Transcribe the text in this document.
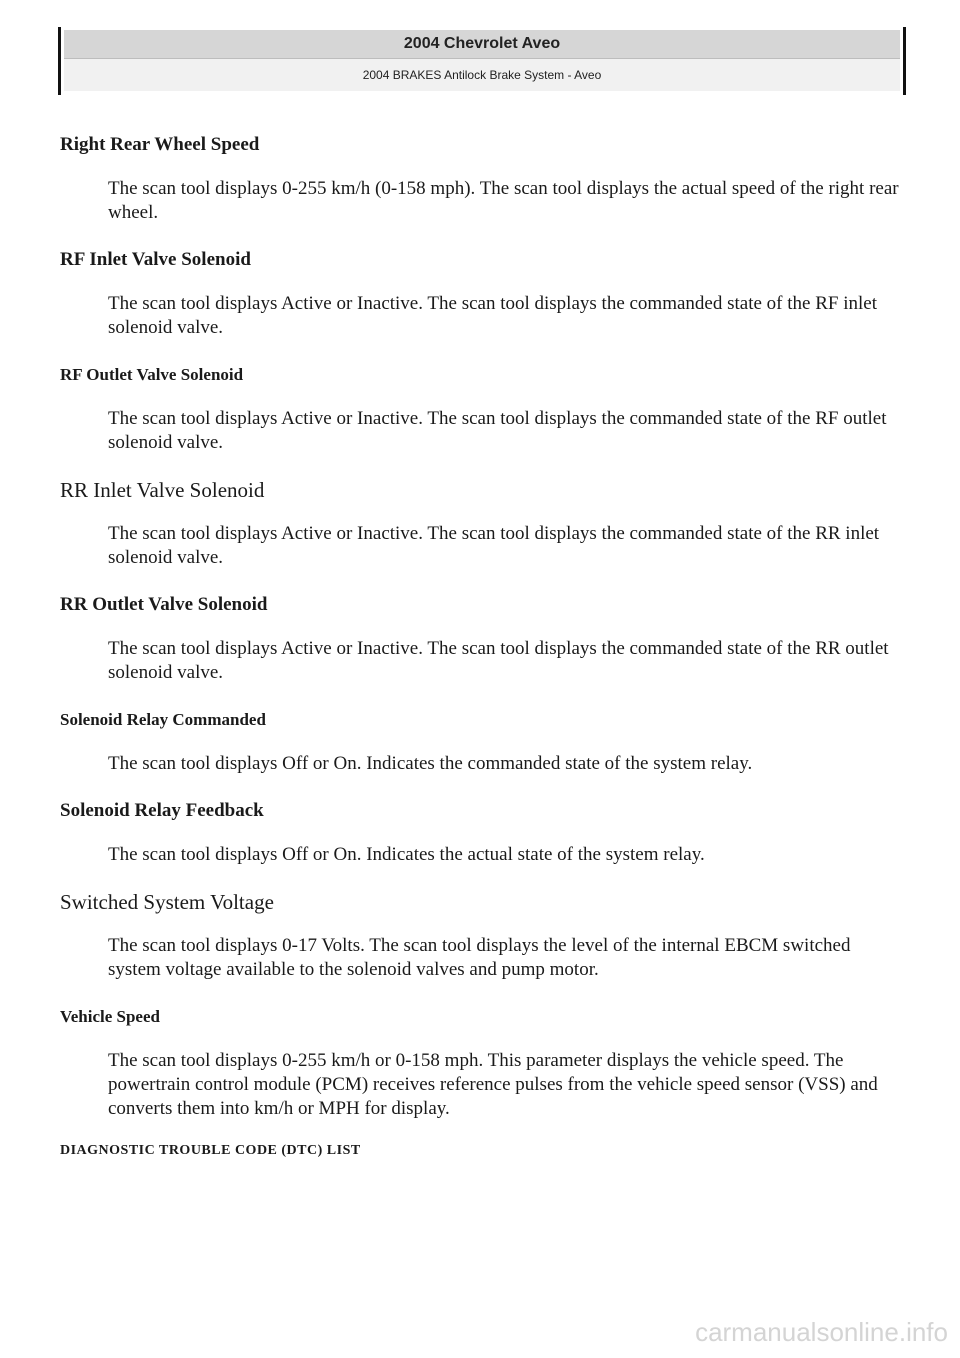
2004 Chevrolet Aveo
2004 BRAKES Antilock Brake System - Aveo
Right Rear Wheel Speed
The scan tool displays 0-255 km/h (0-158 mph). The scan tool displays the actual speed of the right rear wheel.
RF Inlet Valve Solenoid
The scan tool displays Active or Inactive. The scan tool displays the commanded state of the RF inlet solenoid valve.
RF Outlet Valve Solenoid
The scan tool displays Active or Inactive. The scan tool displays the commanded state of the RF outlet solenoid valve.
RR Inlet Valve Solenoid
The scan tool displays Active or Inactive. The scan tool displays the commanded state of the RR inlet solenoid valve.
RR Outlet Valve Solenoid
The scan tool displays Active or Inactive. The scan tool displays the commanded state of the RR outlet solenoid valve.
Solenoid Relay Commanded
The scan tool displays Off or On. Indicates the commanded state of the system relay.
Solenoid Relay Feedback
The scan tool displays Off or On. Indicates the actual state of the system relay.
Switched System Voltage
The scan tool displays 0-17 Volts. The scan tool displays the level of the internal EBCM switched system voltage available to the solenoid valves and pump motor.
Vehicle Speed
The scan tool displays 0-255 km/h or 0-158 mph. This parameter displays the vehicle speed. The powertrain control module (PCM) receives reference pulses from the vehicle speed sensor (VSS) and converts them into km/h or MPH for display.
DIAGNOSTIC TROUBLE CODE (DTC) LIST
carmanualsonline.info
